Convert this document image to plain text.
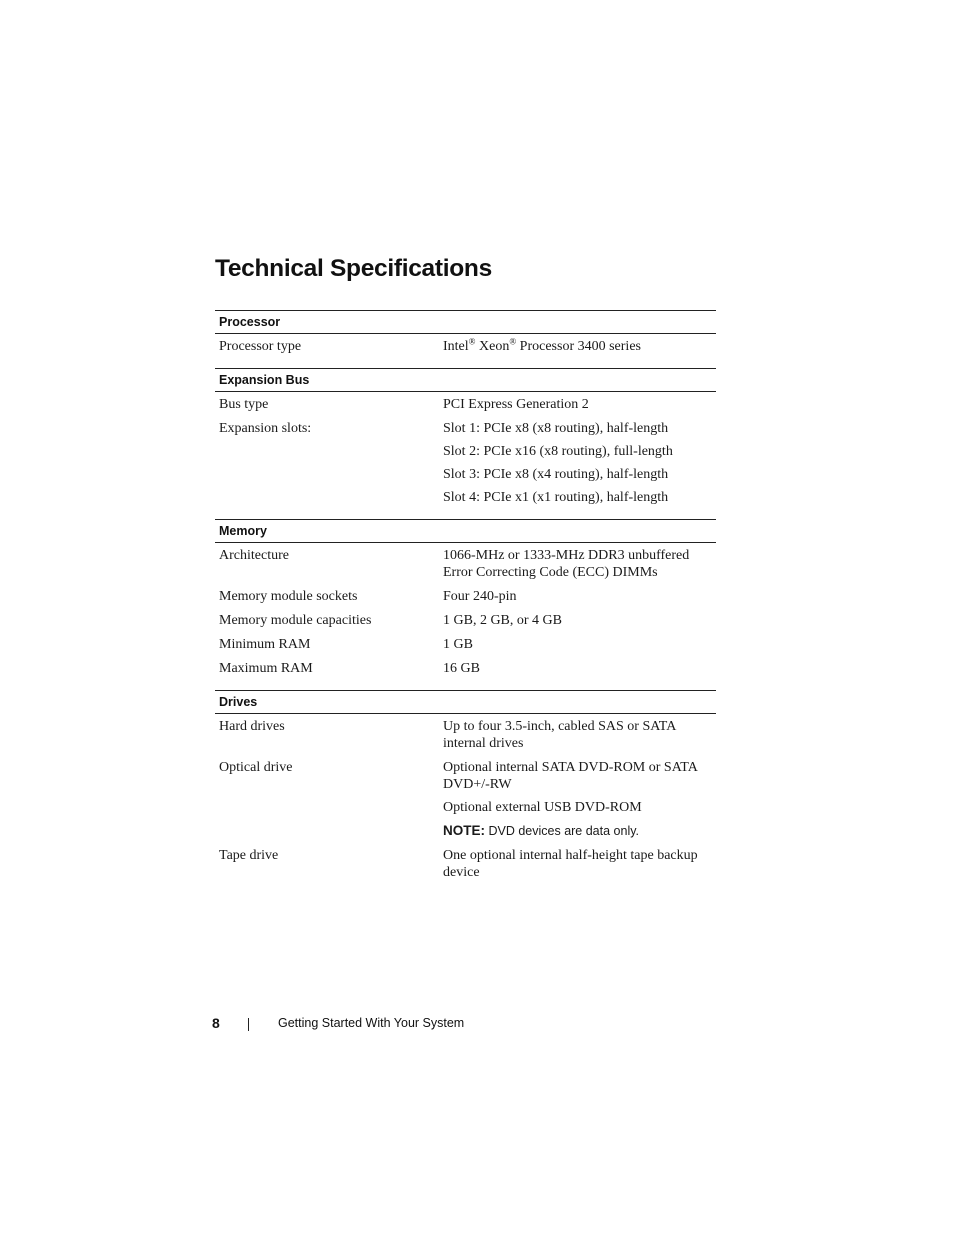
Technical Specifications
Processor
Processor type	Intel® Xeon® Processor 3400 series
Expansion Bus
Bus type	PCI Express Generation 2
Expansion slots:	Slot 1: PCIe x8 (x8 routing), half-length
Slot 2: PCIe x16 (x8 routing), full-length
Slot 3: PCIe x8 (x4 routing), half-length
Slot 4: PCIe x1 (x1 routing), half-length
Memory
Architecture	1066-MHz or 1333-MHz DDR3 unbuffered Error Correcting Code (ECC) DIMMs
Memory module sockets	Four 240-pin
Memory module capacities	1 GB, 2 GB, or 4 GB
Minimum RAM	1 GB
Maximum RAM	16 GB
Drives
Hard drives	Up to four 3.5-inch, cabled SAS or SATA internal drives
Optical drive	Optional internal SATA DVD-ROM or SATA DVD+/-RW
Optional external USB DVD-ROM
NOTE: DVD devices are data only.
Tape drive	One optional internal half-height tape backup device
8	Getting Started With Your System
